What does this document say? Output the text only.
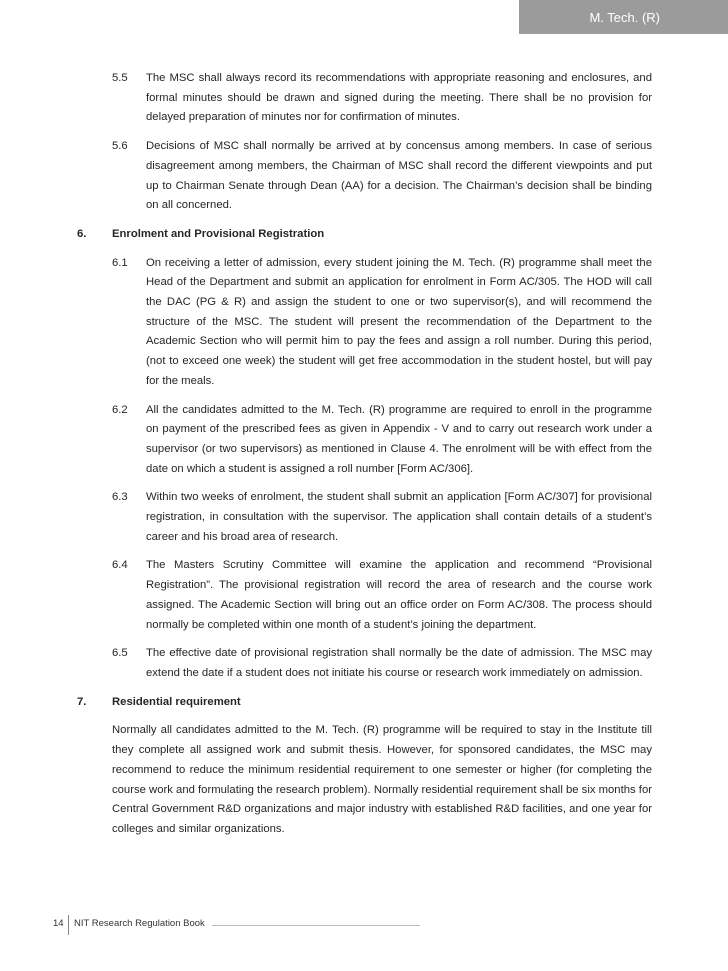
M. Tech. (R)
5.5 The MSC shall always record its recommendations with appropriate reasoning and enclosures, and formal minutes should be drawn and signed during the meeting. There shall be no provision for delayed preparation of minutes nor for confirmation of minutes.
5.6 Decisions of MSC shall normally be arrived at by concensus among members. In case of serious disagreement among members, the Chairman of MSC shall record the different viewpoints and put up to Chairman Senate through Dean (AA) for a decision. The Chairman’s decision shall be binding on all concerned.
6. Enrolment and Provisional Registration
6.1 On receiving a letter of admission, every student joining the M. Tech. (R) programme shall meet the Head of the Department and submit an application for enrolment in Form AC/305. The HOD will call the DAC (PG & R) and assign the student to one or two supervisor(s), and will recommend the structure of the MSC. The student will present the recommendation of the Department to the Academic Section who will permit him to pay the fees and assign a roll number. During this period, (not to exceed one week) the student will get free accommodation in the student hostel, but will pay for the meals.
6.2 All the candidates admitted to the M. Tech. (R) programme are required to enroll in the programme on payment of the prescribed fees as given in Appendix - V and to carry out research work under a supervisor (or two supervisors) as mentioned in Clause 4. The enrolment will be with effect from the date on which a student is assigned a roll number [Form AC/306].
6.3 Within two weeks of enrolment, the student shall submit an application [Form AC/307] for provisional registration, in consultation with the supervisor. The application shall contain details of a student’s career and his broad area of research.
6.4 The Masters Scrutiny Committee will examine the application and recommend “Provisional Registration”. The provisional registration will record the area of research and the course work assigned. The Academic Section will bring out an office order on Form AC/308. The process should normally be completed within one month of a student’s joining the department.
6.5 The effective date of provisional registration shall normally be the date of admission. The MSC may extend the date if a student does not initiate his course or research work immediately on admission.
7. Residential requirement
Normally all candidates admitted to the M. Tech. (R) programme will be required to stay in the Institute till they complete all assigned work and submit thesis. However, for sponsored candidates, the MSC may recommend to reduce the minimum residential requirement to one semester or higher (for completing the course work and formulating the research problem). Normally residential requirement shall be six months for Central Government R&D organizations and major industry with established R&D facilities, and one year for colleges and similar organizations.
14 NIT Research Regulation Book
